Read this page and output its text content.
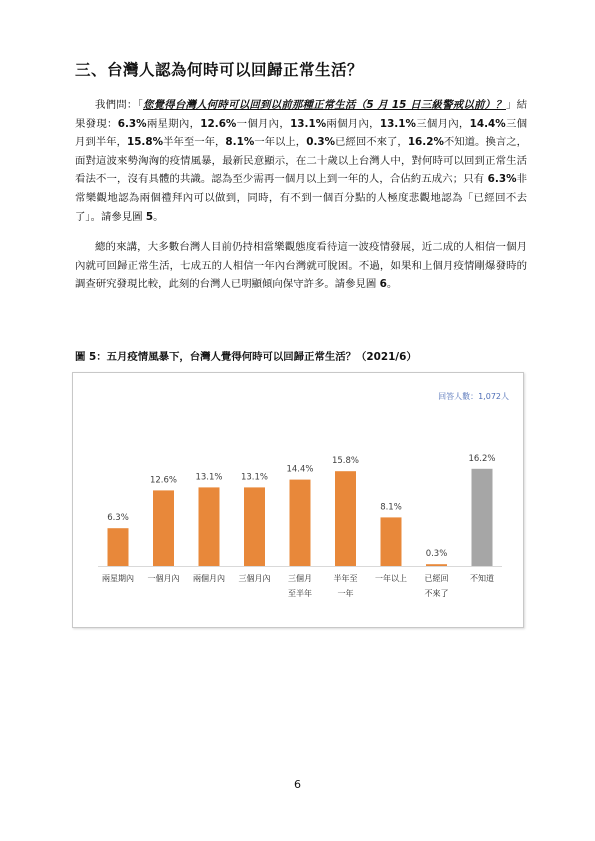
三、台灣人認為何時可以回歸正常生活？
我們問：「您覺得台灣人何時可以回到以前那種正常生活（5 月 15 日三級警戒以前）？」結果發現：6.3%兩星期內，12.6%一個月內，13.1%兩個月內，13.1%三個月內，14.4%三個月到半年，15.8%半年至一年，8.1%一年以上，0.3%已經回不來了，16.2%不知道。換言之，面對這波來勢洶洶的疫情風暴，最新民意顯示，在二十歲以上台灣人中，對何時可以回到正常生活看法不一，沒有具體的共識。認為至少需再一個月以上到一年的人，合佔約五成六；只有 6.3%非常樂觀地認為兩個禮拜內可以做到，同時，有不到一個百分點的人極度悲觀地認為「已經回不去了」。請參見圖 5。
總的來講，大多數台灣人目前仍持相當樂觀態度看待這一波疫情發展，近二成的人相信一個月內就可回歸正常生活，七成五的人相信一年內台灣就可脫困。不過，如果和上個月疫情剛爆發時的調查研究發現比較，此刻的台灣人已明顯傾向保守許多。請參見圖 6。
圖 5：五月疫情風暴下，台灣人覺得何時可以回歸正常生活？（2021/6）
回答人數：1,072人
6.3%
兩星期內
12.6%
一個月內
13.1%
兩個月內
13.1%
三個月內
14.4%
三個月
至半年
15.8%
半年至
一年
8.1%
一年以上
0.3%
已經回
不來了
16.2%
不知道
6
